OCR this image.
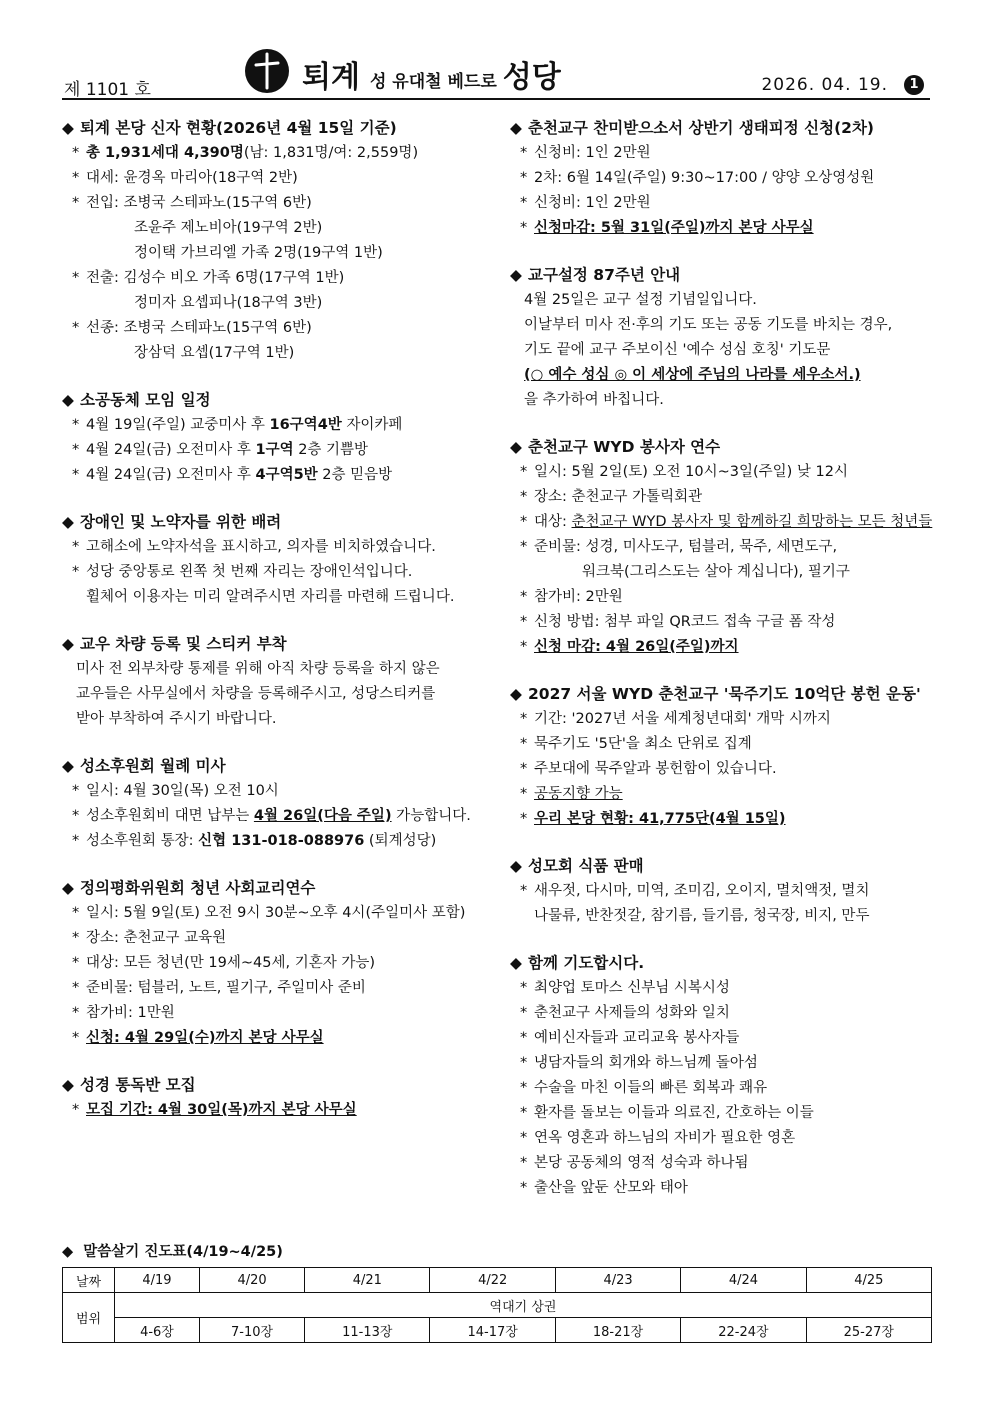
제 1101 호	퇴계 성 유대철 베드로 성당	2026. 04. 19.	1
◆ 퇴계 본당 신자 현황(2026년 4월 15일 기준)
* 총 1,931세대 4,390명(남: 1,831명/여: 2,559명)
* 대세: 윤경옥 마리아(18구역 2반)
* 전입: 조병국 스테파노(15구역 6반)
조윤주 제노비아(19구역 2반)
정이택 가브리엘 가족 2명(19구역 1반)
* 전출: 김성수 비오 가족 6명(17구역 1반)
정미자 요셉피나(18구역 3반)
* 선종: 조병국 스테파노(15구역 6반)
장삼덕 요셉(17구역 1반)
◆ 소공동체 모임 일정
* 4월 19일(주일) 교중미사 후 16구역4반 자이카페
* 4월 24일(금) 오전미사 후 1구역 2층 기쁨방
* 4월 24일(금) 오전미사 후 4구역5반 2층 믿음방
◆ 장애인 및 노약자를 위한 배려
* 고해소에 노약자석을 표시하고, 의자를 비치하였습니다.
* 성당 중앙통로 왼쪽 첫 번째 자리는 장애인석입니다.
휠체어 이용자는 미리 알려주시면 자리를 마련해 드립니다.
◆ 교우 차량 등록 및 스티커 부착
미사 전 외부차량 통제를 위해 아직 차량 등록을 하지 않은
교우들은 사무실에서 차량을 등록해주시고, 성당스티커를
받아 부착하여 주시기 바랍니다.
◆ 성소후원회 월례 미사
* 일시: 4월 30일(목) 오전 10시
* 성소후원회비 대면 납부는 4월 26일(다음 주일) 가능합니다.
* 성소후원회 통장: 신협 131-018-088976 (퇴계성당)
◆ 정의평화위원회 청년 사회교리연수
* 일시: 5월 9일(토) 오전 9시 30분~오후 4시(주일미사 포함)
* 장소: 춘천교구 교육원
* 대상: 모든 청년(만 19세~45세, 기혼자 가능)
* 준비물: 텀블러, 노트, 필기구, 주일미사 준비
* 참가비: 1만원
* 신청: 4월 29일(수)까지 본당 사무실
◆ 성경 통독반 모집
* 모집 기간: 4월 30일(목)까지 본당 사무실
◆ 춘천교구 찬미받으소서 상반기 생태피정 신청(2차)
* 신청비: 1인 2만원
* 2차: 6월 14일(주일) 9:30~17:00 / 양양 오상영성원
* 신청비: 1인 2만원
* 신청마감: 5월 31일(주일)까지 본당 사무실
◆ 교구설정 87주년 안내
4월 25일은 교구 설정 기념일입니다.
이날부터 미사 전·후의 기도 또는 공동 기도를 바치는 경우,
기도 끝에 교구 주보이신 '예수 성심 호칭' 기도문
(○ 예수 성심 ◎ 이 세상에 주님의 나라를 세우소서.)
을 추가하여 바칩니다.
◆ 춘천교구 WYD 봉사자 연수
* 일시: 5월 2일(토) 오전 10시~3일(주일) 낮 12시
* 장소: 춘천교구 가톨릭회관
* 대상: 춘천교구 WYD 봉사자 및 함께하길 희망하는 모든 청년들
* 준비물: 성경, 미사도구, 텀블러, 묵주, 세면도구,
워크북(그리스도는 살아 계십니다), 필기구
* 참가비: 2만원
* 신청 방법: 첨부 파일 QR코드 접속 구글 폼 작성
* 신청 마감: 4월 26일(주일)까지
◆ 2027 서울 WYD 춘천교구 '묵주기도 10억단 봉헌 운동'
* 기간: '2027년 서울 세계청년대회' 개막 시까지
* 묵주기도 '5단'을 최소 단위로 집계
* 주보대에 묵주알과 봉헌함이 있습니다.
* 공동지향 가능
* 우리 본당 현황: 41,775단(4월 15일)
◆ 성모회 식품 판매
* 새우젓, 다시마, 미역, 조미김, 오이지, 멸치액젓, 멸치
나물류, 반찬젓갈, 참기름, 들기름, 청국장, 비지, 만두
◆ 함께 기도합시다.
* 최양업 토마스 신부님 시복시성
* 춘천교구 사제들의 성화와 일치
* 예비신자들과 교리교육 봉사자들
* 냉담자들의 회개와 하느님께 돌아섬
* 수술을 마친 이들의 빠른 회복과 쾌유
* 환자를 돌보는 이들과 의료진, 간호하는 이들
* 연옥 영혼과 하느님의 자비가 필요한 영혼
* 본당 공동체의 영적 성숙과 하나됨
* 출산을 앞둔 산모와 태아
◆  말씀살기 진도표(4/19~4/25)
날짜	4/19	4/20	4/21	4/22	4/23	4/24	4/25
범위	역대기 상권						
	4-6장	7-10장	11-13장	14-17장	18-21장	22-24장	25-27장
